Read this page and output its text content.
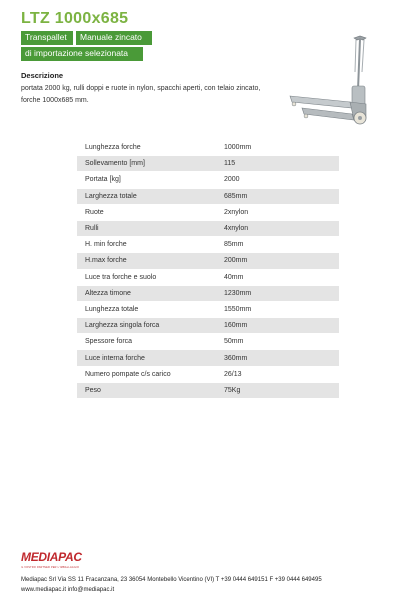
LTZ 1000x685
Transpallet	Manuale zincato
di importazione selezionata
Descrizione
portata 2000 kg, rulli doppi e ruote in nylon, spacchi aperti, con telaio zincato, forche 1000x685 mm.
Lunghezza forche	1000mm
Sollevamento [mm]	115
Portata [kg]	2000
Larghezza totale	685mm
Ruote	2xnylon
Rulli	4xnylon
H. min forche	85mm
H.max forche	200mm
Luce tra forche e suolo	40mm
Altezza timone	1230mm
Lunghezza totale	1550mm
Larghezza singola forca	160mm
Spessore forca	50mm
Luce interna forche	360mm
Numero pompate c/s carico	26/13
Peso	75Kg
MEDIAPAC
IL VOSTRO PARTNER PER L'IMBALLAGGIO
Mediapac Srl Via SS 11 Fracanzana, 23 36054 Montebello Vicentino (VI) T +39 0444 649151 F +39 0444 649495
www.mediapac.it info@mediapac.it
